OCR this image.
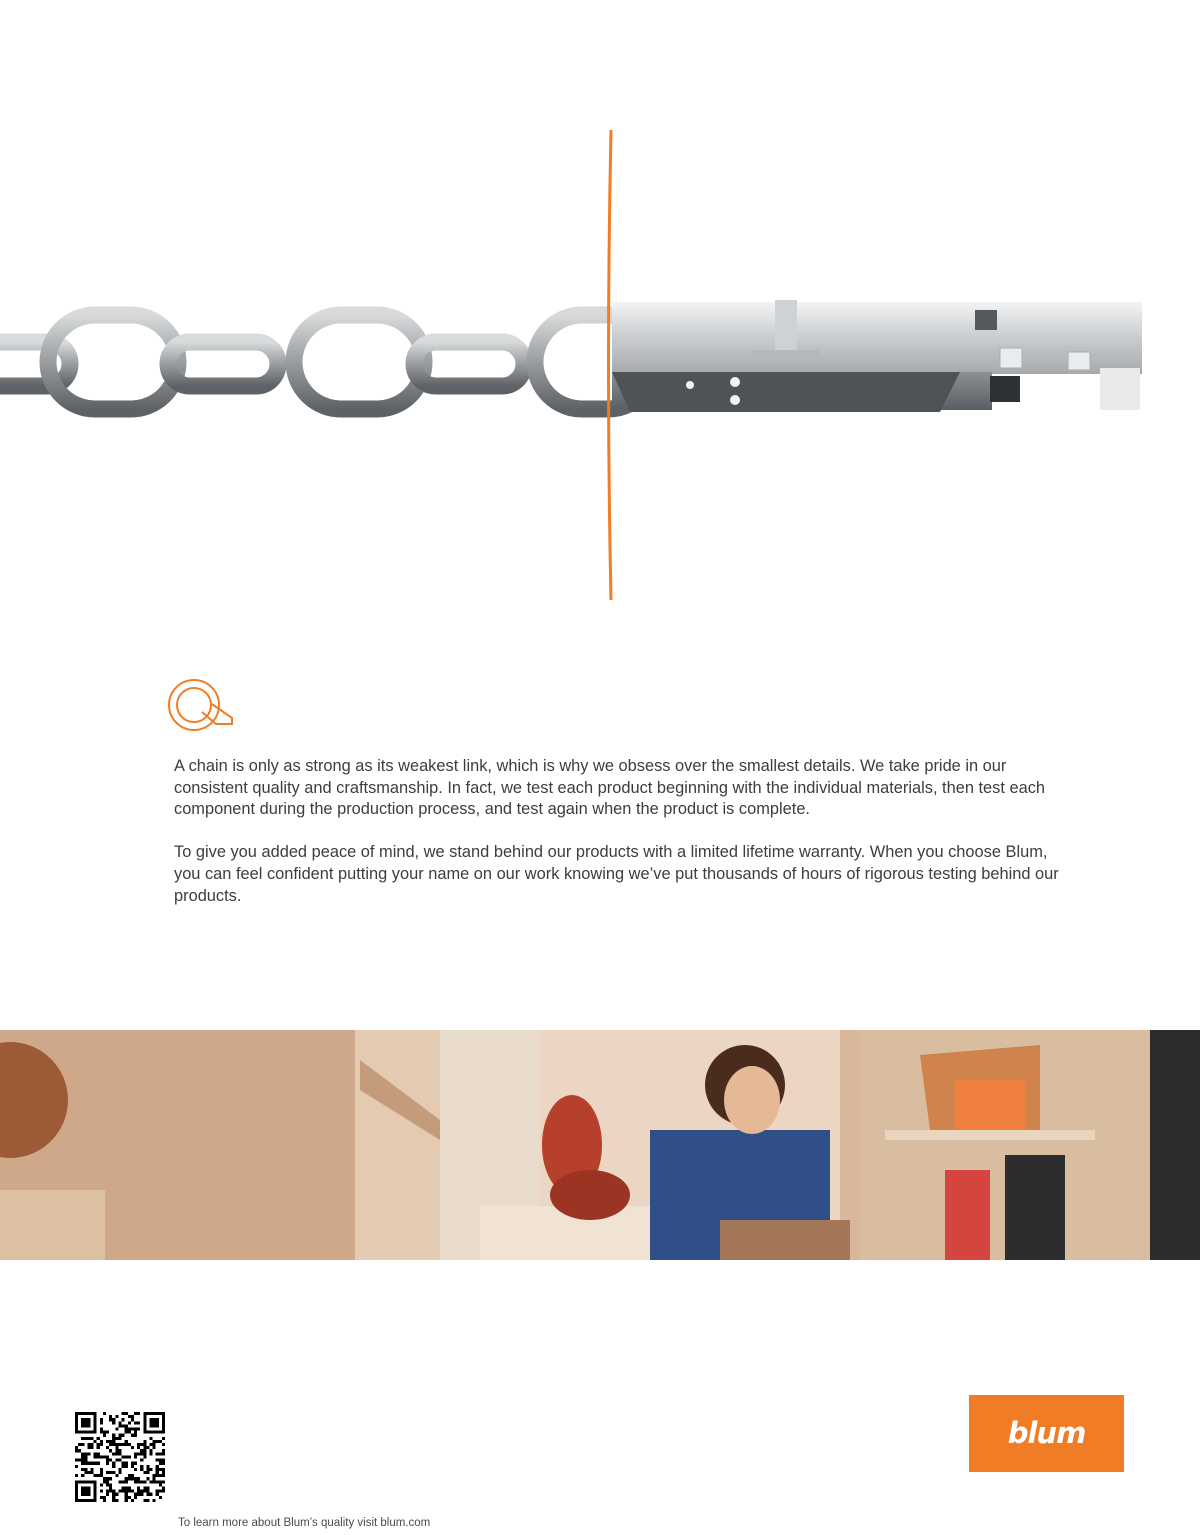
A chain is only as strong as its weakest link, which is why we obsess over the smallest details. We take pride in our consistent quality and craftsmanship. In fact, we test each product beginning with the individual materials, then test each component during the production process, and test again when the product is complete.

To give you added peace of mind, we stand behind our products with a limited lifetime warranty. When you choose Blum, you can feel confident putting your name on our work knowing we’ve put thousands of hours of rigorous testing behind our products.

To learn more about Blum’s quality visit blum.com
blum
